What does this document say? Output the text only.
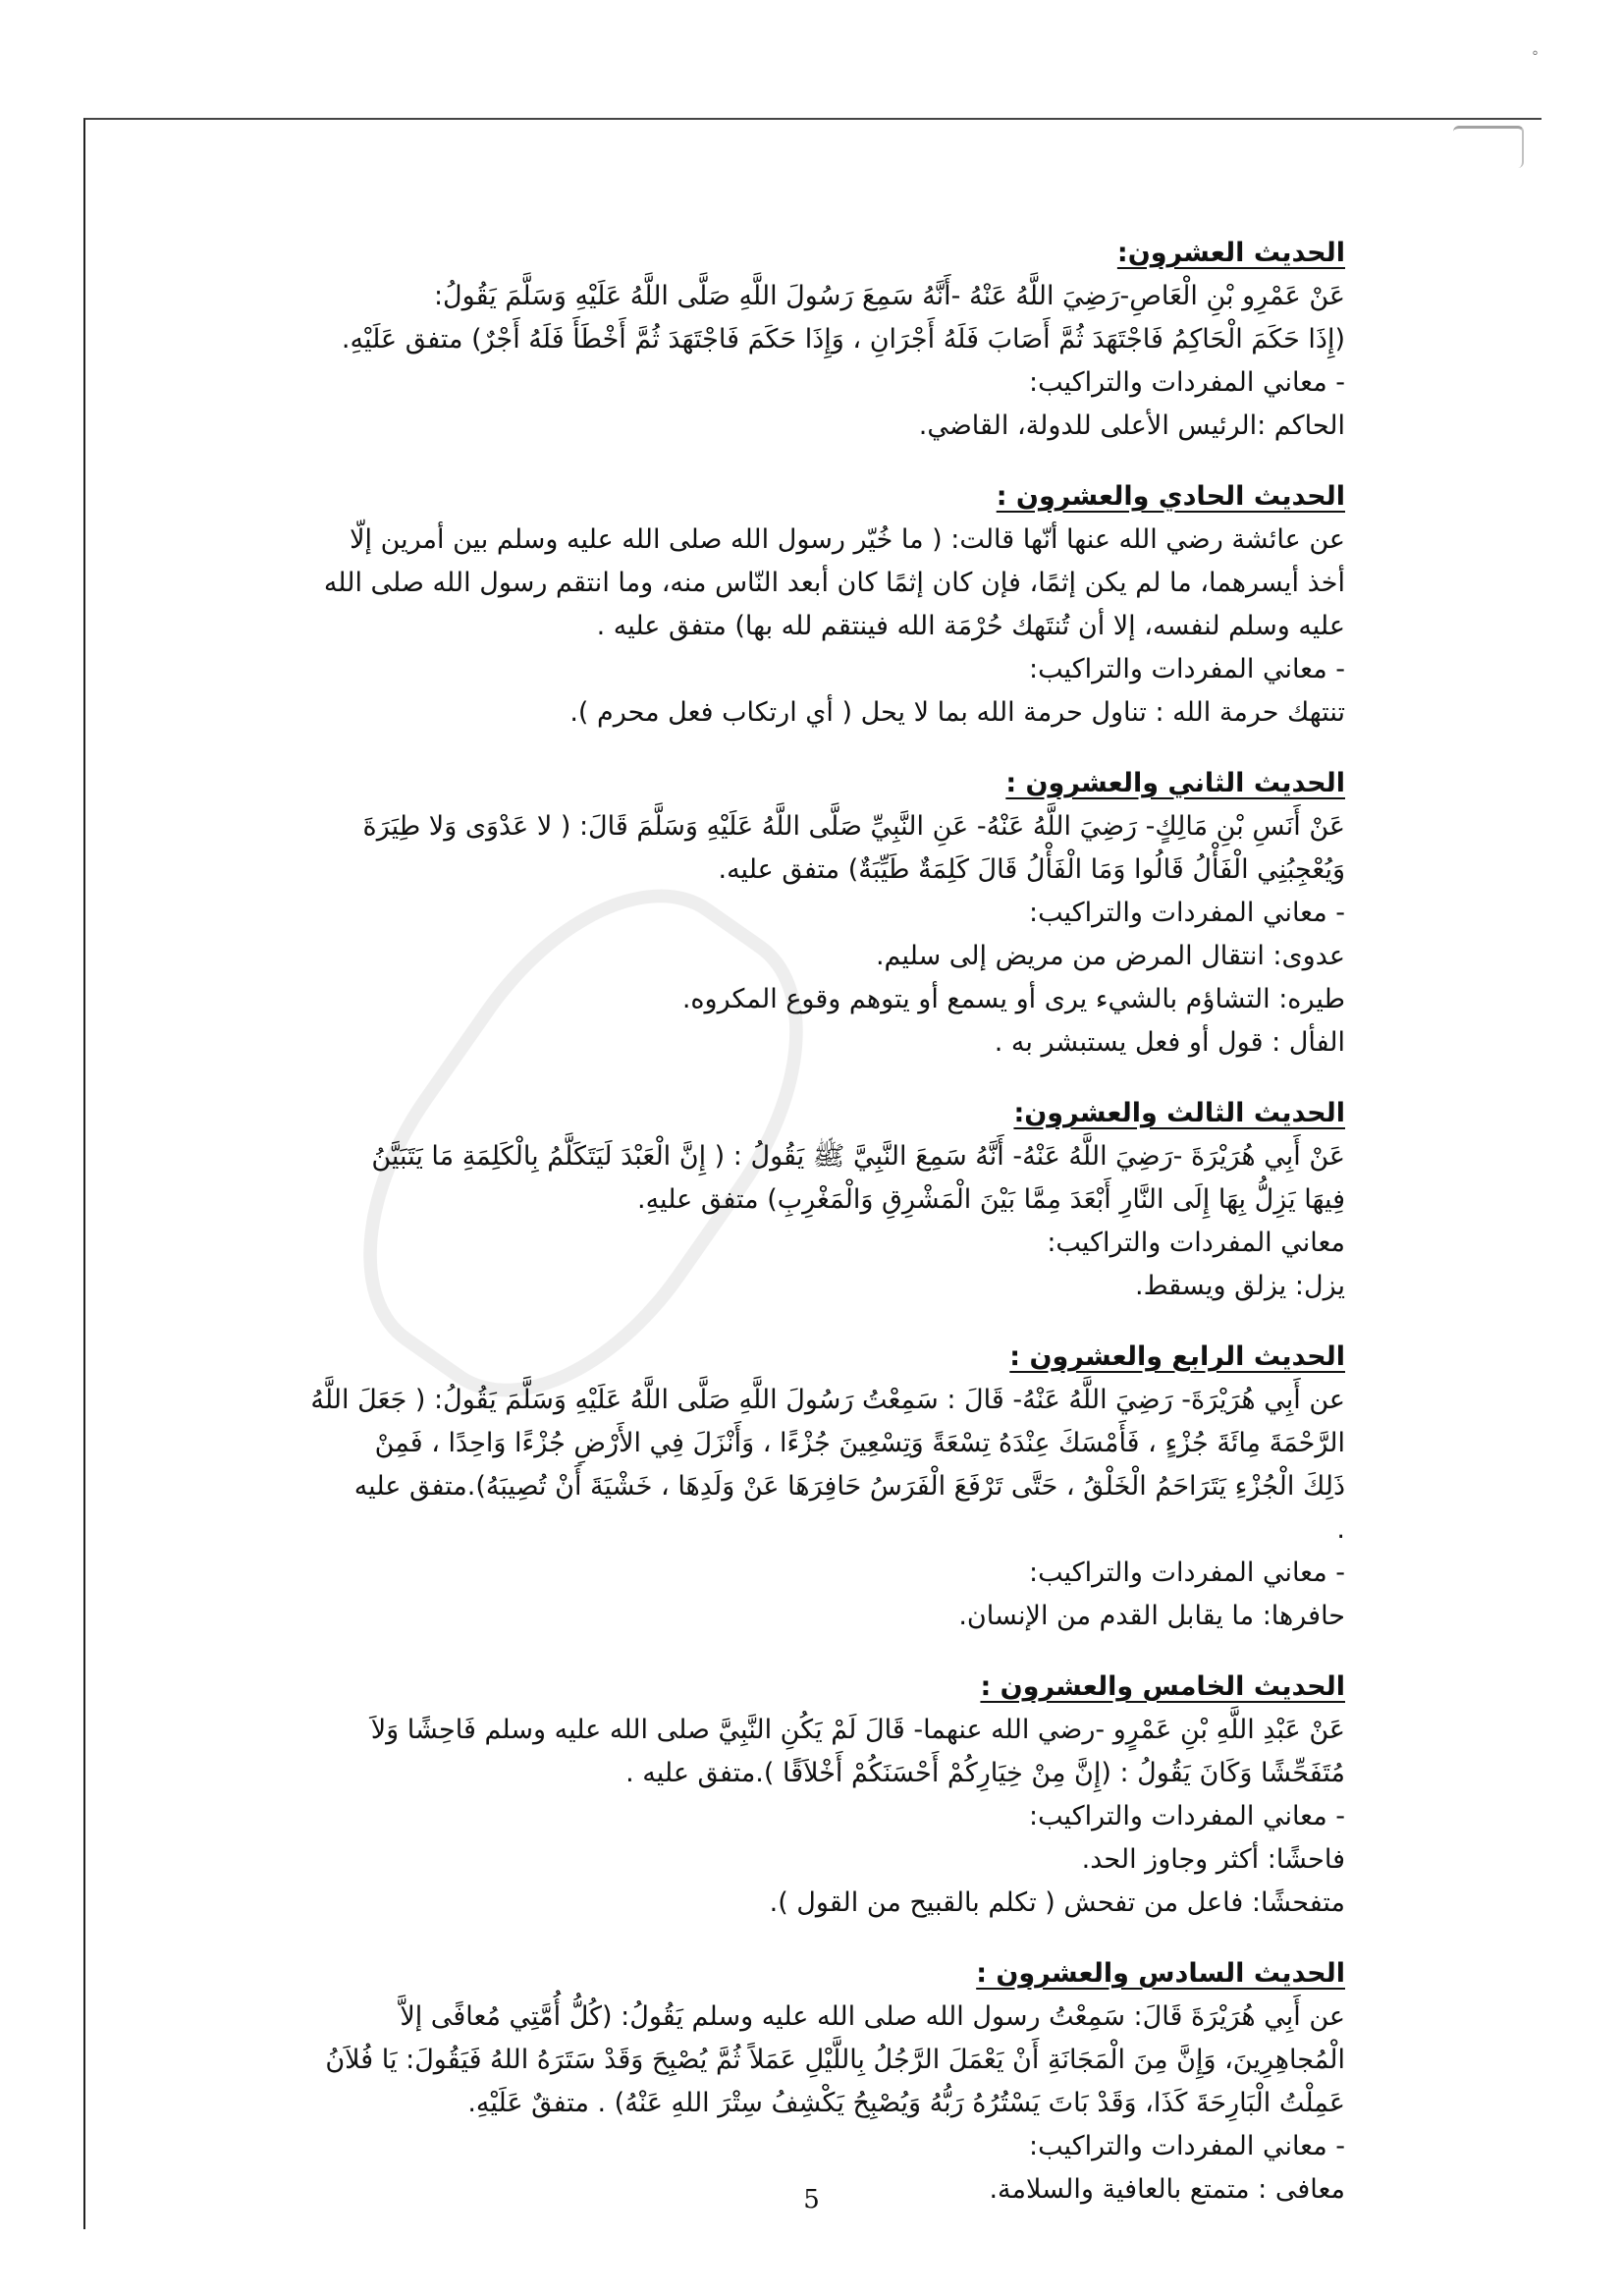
°
الحديث العشرون:
عَنْ عَمْرِو بْنِ الْعَاصِ-رَضِيَ اللَّهُ عَنْهُ -أَنَّهُ سَمِعَ رَسُولَ اللَّهِ صَلَّى اللَّهُ عَلَيْهِ وَسَلَّمَ يَقُولُ:
(إِذَا حَكَمَ الْحَاكِمُ فَاجْتَهَدَ ثُمَّ أَصَابَ فَلَهُ أَجْرَانِ ، وَإِذَا حَكَمَ فَاجْتَهَدَ ثُمَّ أَخْطَأَ فَلَهُ أَجْرٌ) متفق عَلَيْهِ.
- معاني المفردات والتراكيب:
الحاكم :الرئيس الأعلى للدولة، القاضي.
الحديث الحادي والعشرون :
عن عائشة رضي الله عنها أنّها قالت: ( ما خُيّر رسول الله صلى الله عليه وسلم بين أمرين إلّا
أخذ أيسرهما، ما لم يكن إثمًا، فإن كان إثمًا كان أبعد النّاس منه، وما انتقم رسول الله صلى الله
عليه وسلم لنفسه، إلا أن تُنتَهك حُرْمَة الله فينتقم لله بها) متفق عليه .
- معاني المفردات والتراكيب:
تنتهك حرمة الله : تناول حرمة الله بما لا يحل ( أي ارتكاب فعل محرم ).
الحديث الثاني والعشرون :
عَنْ أَنَسِ بْنِ مَالِكٍ- رَضِيَ اللَّهُ عَنْهُ- عَنِ النَّبِيِّ صَلَّى اللَّهُ عَلَيْهِ وَسَلَّمَ قَالَ: ( لا عَدْوَى وَلا طِيَرَةَ
وَيُعْجِبُنِي الْفَأْلُ قَالُوا وَمَا الْفَأْلُ قَالَ كَلِمَةٌ طَيِّبَةٌ) متفق عليه.
- معاني المفردات والتراكيب:
عدوى: انتقال المرض من مريض إلى سليم.
طيره: التشاؤم بالشيء يرى أو يسمع أو يتوهم وقوع المكروه.
الفأل : قول أو فعل يستبشر به .
الحديث الثالث والعشرون:
عَنْ أَبِي هُرَيْرَةَ -رَضِيَ اللَّهُ عَنْهُ- أَنَّهُ سَمِعَ النَّبِيَّ ﷺ يَقُولُ : ( إِنَّ الْعَبْدَ لَيَتَكَلَّمُ بِالْكَلِمَةِ مَا يَتَبَيَّنُ
فِيهَا يَزِلُّ بِهَا إِلَى النَّارِ أَبْعَدَ مِمَّا بَيْنَ الْمَشْرِقِ وَالْمَغْرِبِ) متفق عليهِ.
معاني المفردات والتراكيب:
يزل: يزلق ويسقط.
الحديث الرابع والعشرون :
عن أَبِي هُرَيْرَةَ- رَضِيَ اللَّهُ عَنْهُ- قَالَ : سَمِعْتُ رَسُولَ اللَّهِ صَلَّى اللَّهُ عَلَيْهِ وَسَلَّمَ يَقُولُ: ( جَعَلَ اللَّهُ
الرَّحْمَةَ مِائَةَ جُزْءٍ ، فَأَمْسَكَ عِنْدَهُ تِسْعَةً وَتِسْعِينَ جُزْءًا ، وَأَنْزَلَ فِي الأَرْضِ جُزْءًا وَاحِدًا ، فَمِنْ
ذَلِكَ الْجُزْءِ يَتَرَاحَمُ الْخَلْقُ ، حَتَّى تَرْفَعَ الْفَرَسُ حَافِرَهَا عَنْ وَلَدِهَا ، خَشْيَةَ أَنْ تُصِيبَهُ).متفق عليه
.
- معاني المفردات والتراكيب:
حافرها: ما يقابل القدم من الإنسان.
الحديث الخامس والعشرون :
عَنْ عَبْدِ اللَّهِ بْنِ عَمْرٍو -رضي الله عنهما- قَالَ لَمْ يَكُنِ النَّبِيَّ صلى الله عليه وسلم فَاحِشًا وَلاَ
مُتَفَحِّشًا وَكَانَ يَقُولُ : (إِنَّ مِنْ خِيَارِكُمْ أَحْسَنَكُمْ أَخْلاَقًا ).متفق عليه .
- معاني المفردات والتراكيب:
فاحشًا: أكثر وجاوز الحد.
متفحشًا: فاعل من تفحش ( تكلم بالقبيح من القول ).
الحديث السادس والعشرون :
عن أَبِي هُرَيْرَةَ قَالَ: سَمِعْتُ رسول الله صلى الله عليه وسلم يَقُولُ: (كُلُّ أُمَّتِي مُعافًى إلاَّ
الْمُجاهِرِينَ، وَإِنَّ مِنَ الْمَجَانَةِ أَنْ يَعْمَلَ الرَّجُلُ بِاللَّيْلِ عَمَلاً ثُمَّ يُصْبِحَ وَقَدْ سَتَرَهُ اللهُ فَيَقُولَ: يَا فُلاَنُ
عَمِلْتُ الْبَارِحَةَ كَذَا، وَقَدْ بَاتَ يَسْتُرُهُ رَبُّهُ وَيُصْبِحُ يَكْشِفُ سِتْرَ اللهِ عَنْهُ) . متفقٌ عَلَيْهِ.
- معاني المفردات والتراكيب:
معافى : متمتع بالعافية والسلامة.
5
